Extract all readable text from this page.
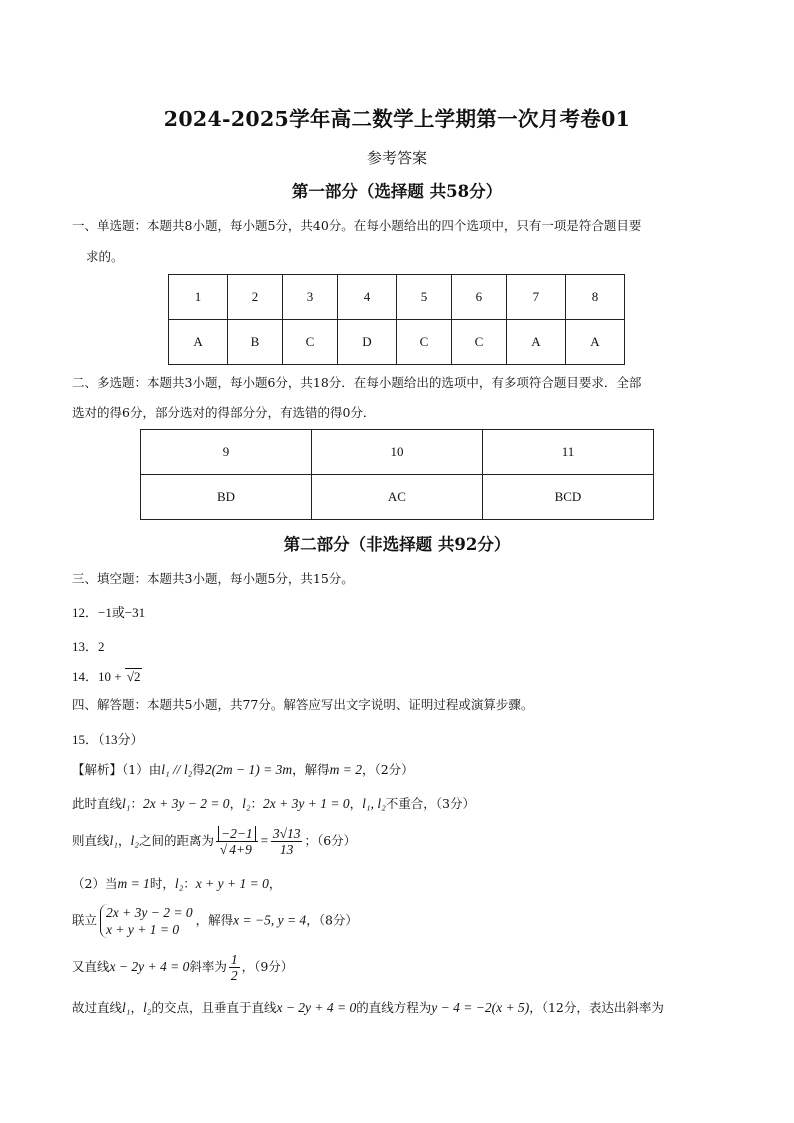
2024-2025学年高二数学上学期第一次月考卷01
参考答案
第一部分（选择题 共58分）
一、单选题：本题共8小题，每小题5分，共40分。在每小题给出的四个选项中，只有一项是符合题目要
求的。
1	2	3	4	5	6	7	8
A	B	C	D	C	C	A	A
二、多选题：本题共3小题，每小题6分，共18分．在每小题给出的选项中，有多项符合题目要求．全部
选对的得6分，部分选对的得部分分，有选错的得0分．
9	10	11
BD	AC	BCD
第二部分（非选择题 共92分）
三、填空题：本题共3小题，每小题5分，共15分。
12．−1或−31
13．2
14．10 + √2
四、解答题：本题共5小题，共77分。解答应写出文字说明、证明过程或演算步骤。
15．（13分）
【解析】（1）由l₁ // l₂得2(2m − 1) = 3m，解得m = 2，（2分）
此时直线l₁：2x + 3y − 2 = 0，l₂：2x + 3y + 1 = 0，l₁, l₂不重合，（3分）
则直线l₁，l₂之间的距离为 $\frac{-2-1}{√ 4+9} = \frac{3√13}{13}$ ；（6分）
（2）当m = 1时，l₂：x + y + 1 = 0，
联立 2x + 3y − 2 = 0
x + y + 1 = 0
，解得x = −5, y = 4，（8分）
又直线x − 2y + 4 = 0斜率为 $\frac{1}{2}$ ，（9分）
故过直线l₁，l₂的交点，且垂直于直线x − 2y + 4 = 0的直线方程为y − 4 = −2(x + 5)，（12分，表达出斜率为
